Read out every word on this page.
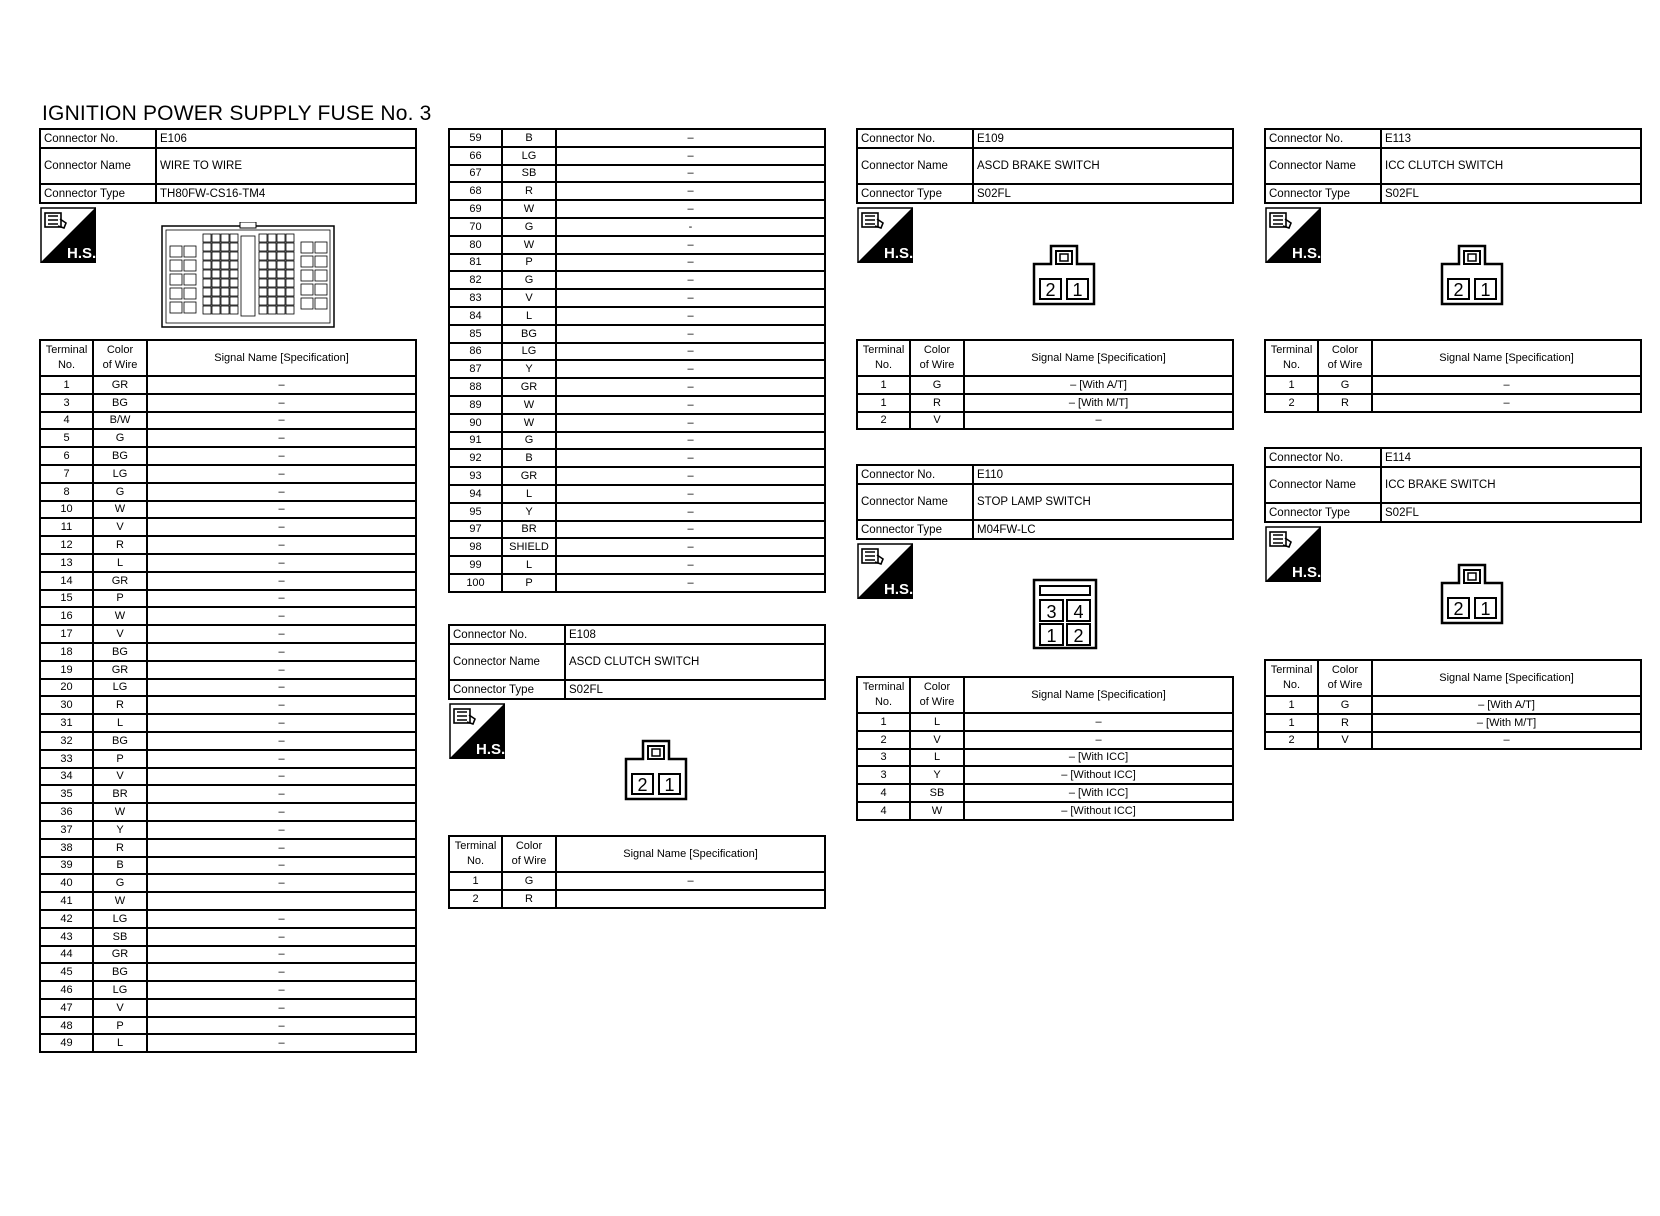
IGNITION POWER SUPPLY FUSE No. 3
Connector No.	E106
Connector Name	WIRE TO WIRE
Connector Type	TH80FW-CS16-TM4
Connector No.	E108
Connector Name	ASCD CLUTCH SWITCH
Connector Type	S02FL
Connector No.	E109
Connector Name	ASCD BRAKE SWITCH
Connector Type	S02FL
Connector No.	E110
Connector Name	STOP LAMP SWITCH
Connector Type	M04FW-LC
Connector No.	E113
Connector Name	ICC CLUTCH SWITCH
Connector Type	S02FL
Connector No.	E114
Connector Name	ICC BRAKE SWITCH
Connector Type	S02FL
H.S.
H.S.
H.S.
H.S.
H.S.
H.S.
2 1
2 1	2 1
2 1
3 4
1 2
Terminal
No.	Color
of Wire	Signal Name [Specification]
1	GR	–
3	BG	–
4	B/W	–
5	G	–
6	BG	–
7	LG	–
8	G	–
10	W	–
11	V	–
12	R	–
13	L	–
14	GR	–
15	P	–
16	W	–
17	V	–
18	BG	–
19	GR	–
20	LG	–
30	R	–
31	L	–
32	BG	–
33	P	–
34	V	–
35	BR	–
36	W	–
37	Y	–
38	R	–
39	B	–
40	G	–
41	W	
42	LG	–
43	SB	–
44	GR	–
45	BG	–
46	LG	–
47	V	–
48	P	–
49	L	–
59	B	–
66	LG	–
67	SB	–
68	R	–
69	W	–
70	G	-
80	W	–
81	P	–
82	G	–
83	V	–
84	L	–
85	BG	–
86	LG	–
87	Y	–
88	GR	–
89	W	–
90	W	–
91	G	–
92	B	–
93	GR	–
94	L	–
95	Y	–
97	BR	–
98	SHIELD	–
99	L	–
100	P	–
Terminal
No.	Color
of Wire	Signal Name [Specification]
1	G	–
2	R	
Terminal
No.	Color
of Wire	Signal Name [Specification]
1	G	– [With A/T]
1	R	– [With M/T]
2	V	–
Terminal
No.	Color
of Wire	Signal Name [Specification]
1	L	–
2	V	–
3	L	– [With ICC]
3	Y	– [Without ICC]
4	SB	– [With ICC]
4	W	– [Without ICC]
Terminal
No.	Color
of Wire	Signal Name [Specification]
1	G	–
2	R	–
Terminal
No.	Color
of Wire	Signal Name [Specification]
1	G	– [With A/T]
1	R	– [With M/T]
2	V	–
